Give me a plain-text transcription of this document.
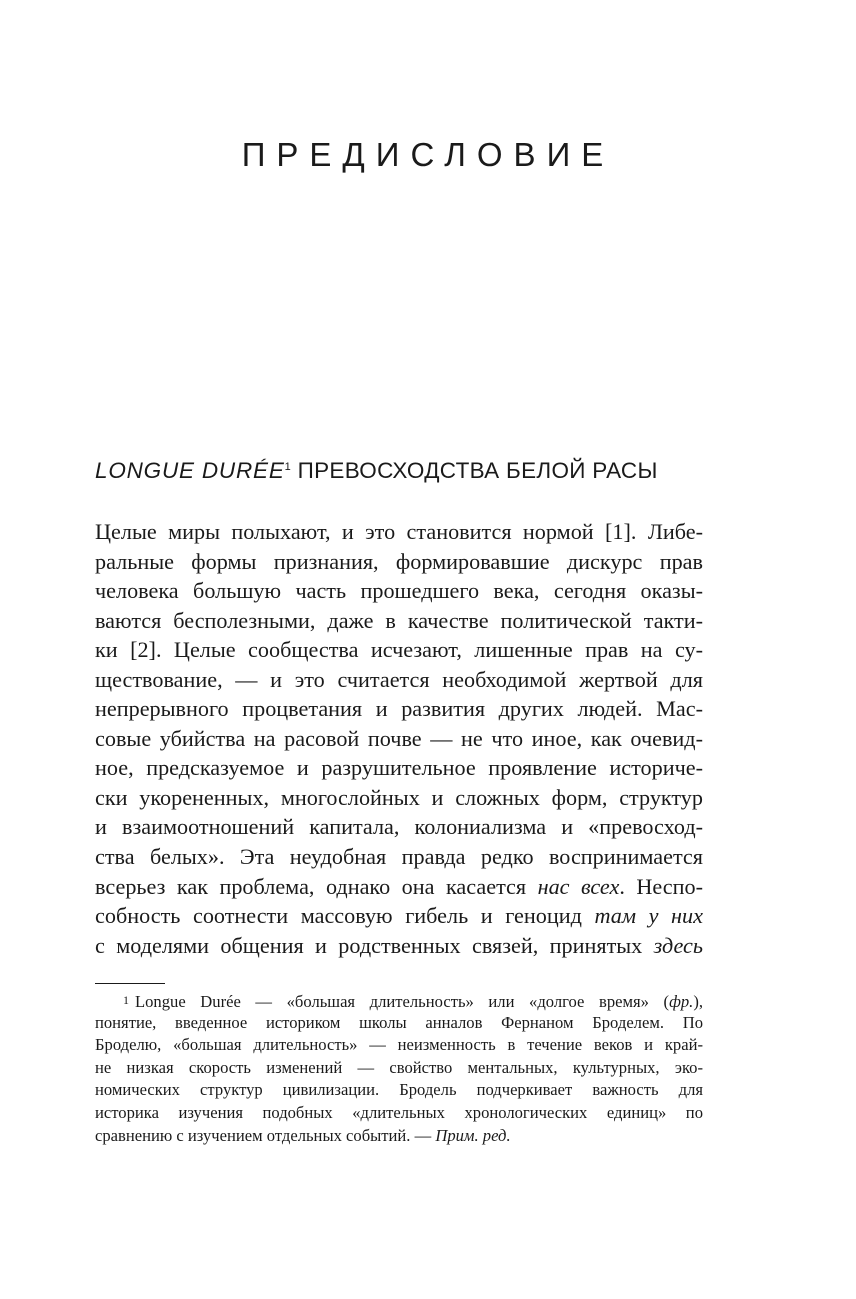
ПРЕДИСЛОВИЕ
LONGUE DURÉE$^1$ ПРЕВОСХОДСТВА БЕЛОЙ РАСЫ
Целые миры полыхают, и это становится нормой [1]. Либе-
ральные формы признания, формировавшие дискурс прав
человека большую часть прошедшего века, сегодня оказы-
ваются бесполезными, даже в качестве политической такти-
ки [2]. Целые сообщества исчезают, лишенные прав на су-
ществование, — и это считается необходимой жертвой для
непрерывного процветания и развития других людей. Мас-
совые убийства на расовой почве — не что иное, как очевид-
ное, предсказуемое и разрушительное проявление историче-
ски укорененных, многослойных и сложных форм, структур
и взаимоотношений капитала, колониализма и «превосход-
ства белых». Эта неудобная правда редко воспринимается
всерьез как проблема, однако она касается нас всех. Неспо-
собность соотнести массовую гибель и геноцид там у них
с моделями общения и родственных связей, принятых здесь
1 Longue Durée — «большая длительность» или «долгое время» (фр.),
понятие, введенное историком школы анналов Фернаном Броделем. По
Броделю, «большая длительность» — неизменность в течение веков и край-
не низкая скорость изменений — свойство ментальных, культурных, эко-
номических структур цивилизации. Бродель подчеркивает важность для
историка изучения подобных «длительных хронологических единиц» по
сравнению с изучением отдельных событий. — Прим. ред.
